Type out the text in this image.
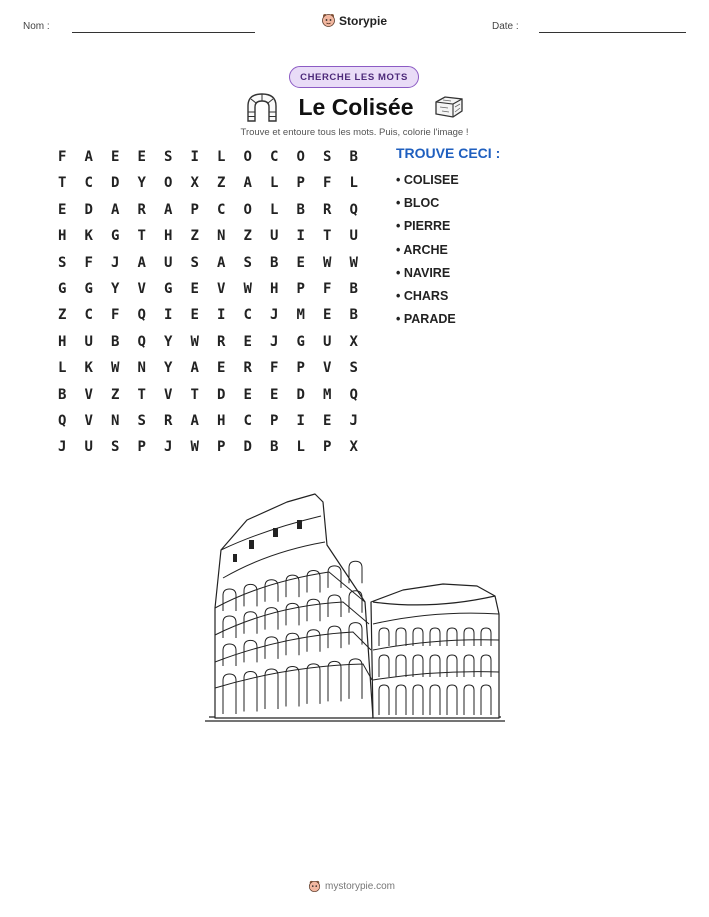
Nom :	Storypie	Date :
CHERCHE LES MOTS
Le Colisée
Trouve et entoure tous les mots. Puis, colorie l'image !
F	A	E	E	S	I	L	O	C	O	S	B
T	C	D	Y	O	X	Z	A	L	P	F	L
E	D	A	R	A	P	C	O	L	B	R	Q
H	K	G	T	H	Z	N	Z	U	I	T	U
S	F	J	A	U	S	A	S	B	E	W	W
G	G	Y	V	G	E	V	W	H	P	F	B
Z	C	F	Q	I	E	I	C	J	M	E	B
H	U	B	Q	Y	W	R	E	J	G	U	X
L	K	W	N	Y	A	E	R	F	P	V	S
B	V	Z	T	V	T	D	E	E	D	M	Q
Q	V	N	S	R	A	H	C	P	I	E	J
J	U	S	P	J	W	P	D	B	L	P	X
TROUVE CECI :
• COLISEE
• BLOC
• PIERRE
• ARCHE
• NAVIRE
• CHARS
• PARADE
mystorypie.com
